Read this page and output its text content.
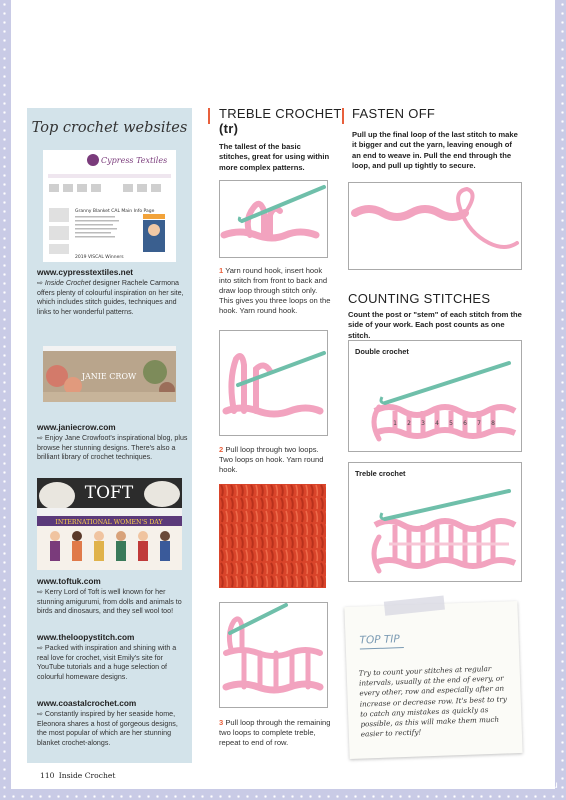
Top crochet websites
Cypress Textiles
Granny Blanket CAL Main Info Page
2019 VISCAL Winners
www.cypresstextiles.net
⇨ Inside Crochet designer Rachele Carmona offers plenty of colourful inspiration on her site, which includes stitch guides, techniques and links to her wonderful patterns.
JANIE CROW
www.janiecrow.com
⇨ Enjoy Jane Crowfoot's inspirational blog, plus browse her stunning designs. There's also a brilliant library of crochet techniques.
TOFT
INTERNATIONAL WOMEN'S DAY
www.toftuk.com
⇨ Kerry Lord of Toft is well known for her stunning amigurumi, from dolls and animals to birds and dinosaurs, and they sell wool too!
www.theloopystitch.com
⇨ Packed with inspiration and shining with a real love for crochet, visit Emily's site for YouTube tutorials and a huge selection of colourful homeware designs.
www.coastalcrochet.com
⇨ Constantly inspired by her seaside home, Eleonora shares a host of gorgeous designs, the most popular of which are her stunning blanket crochet-alongs.
TREBLE CROCHET
(tr)
The tallest of the basic stitches, great for using within more complex patterns.
1 Yarn round hook, insert hook into stitch from front to back and draw loop through stitch only. This gives you three loops on the hook. Yarn round hook.
2 Pull loop through two loops. Two loops on hook. Yarn round hook.
3 Pull loop through the remaining two loops to complete treble, repeat to end of row.
FASTEN OFF
Pull up the final loop of the last stitch to make it bigger and cut the yarn, leaving enough of an end to weave in. Pull the end through the loop, and pull up tightly to secure.
COUNTING STITCHES
Count the post or "stem" of each stitch from the side of your work. Each post counts as one stitch.
Double crochet
1 2 3 4 5 6 7 8
Treble crochet
TOP TIP
Try to count your stitches at regular intervals, usually at the end of every, or every other, row and especially after an increase or decrease row. It's best to try to catch any mistakes as quickly as possible, as this will make them much easier to rectify!
110 Inside Crochet
PassionForum.ru
